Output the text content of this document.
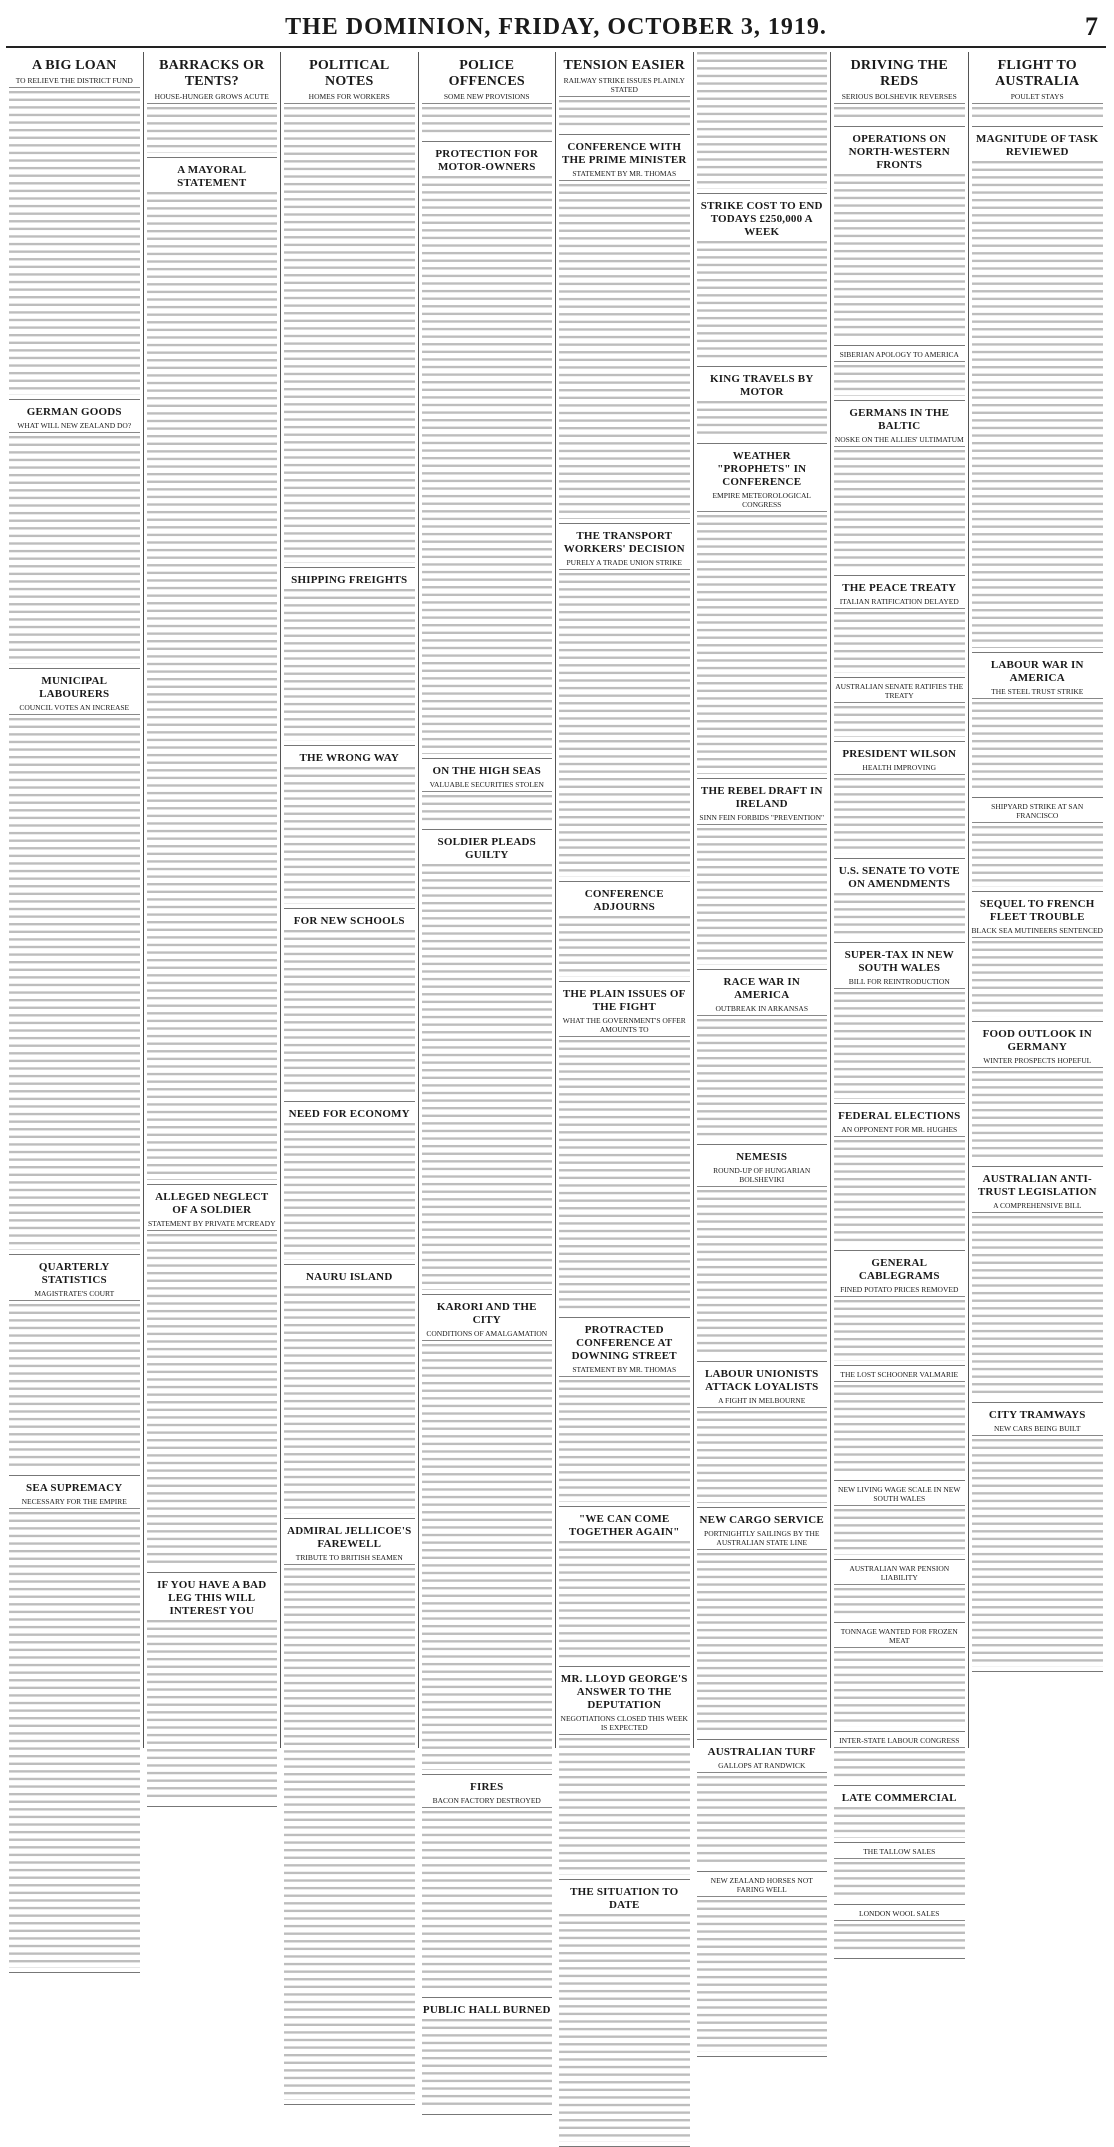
THE DOMINION, FRIDAY, OCTOBER 3, 1919.	7
A BIG LOAN
TO RELIEVE THE DISTRICT FUND
GERMAN GOODS
WHAT WILL NEW ZEALAND DO?
MUNICIPAL LABOURERS
COUNCIL VOTES AN INCREASE
QUARTERLY STATISTICS
MAGISTRATE'S COURT
SEA SUPREMACY
NECESSARY FOR THE EMPIRE
BARRACKS OR TENTS?
HOUSE-HUNGER GROWS ACUTE
A MAYORAL STATEMENT
ALLEGED NEGLECT OF A SOLDIER
STATEMENT BY PRIVATE M'CREADY
IF YOU HAVE A BAD LEG THIS WILL INTEREST YOU
POLITICAL NOTES
HOMES FOR WORKERS
SHIPPING FREIGHTS
THE WRONG WAY
FOR NEW SCHOOLS
NEED FOR ECONOMY
NAURU ISLAND
ADMIRAL JELLICOE'S FAREWELL
TRIBUTE TO BRITISH SEAMEN
POLICE OFFENCES
SOME NEW PROVISIONS
PROTECTION FOR MOTOR-OWNERS
ON THE HIGH SEAS
VALUABLE SECURITIES STOLEN
SOLDIER PLEADS GUILTY
KARORI AND THE CITY
CONDITIONS OF AMALGAMATION
FIRES
BACON FACTORY DESTROYED
PUBLIC HALL BURNED
TENSION EASIER
RAILWAY STRIKE ISSUES PLAINLY STATED
CONFERENCE WITH THE PRIME MINISTER
STATEMENT BY MR. THOMAS
THE TRANSPORT WORKERS' DECISION
PURELY A TRADE UNION STRIKE
CONFERENCE ADJOURNS
THE PLAIN ISSUES OF THE FIGHT
WHAT THE GOVERNMENT'S OFFER AMOUNTS TO
PROTRACTED CONFERENCE AT DOWNING STREET
STATEMENT BY MR. THOMAS
"WE CAN COME TOGETHER AGAIN"
MR. LLOYD GEORGE'S ANSWER TO THE DEPUTATION
NEGOTIATIONS CLOSED THIS WEEK IS EXPECTED
THE SITUATION TO DATE
STRIKE COST TO END TODAYS £250,000 A WEEK
KING TRAVELS BY MOTOR
WEATHER "PROPHETS" IN CONFERENCE
EMPIRE METEOROLOGICAL CONGRESS
THE REBEL DRAFT IN IRELAND
SINN FEIN FORBIDS "PREVENTION"
RACE WAR IN AMERICA
OUTBREAK IN ARKANSAS
NEMESIS
ROUND-UP OF HUNGARIAN BOLSHEVIKI
LABOUR UNIONISTS ATTACK LOYALISTS
A FIGHT IN MELBOURNE
NEW CARGO SERVICE
PORTNIGHTLY SAILINGS BY THE AUSTRALIAN STATE LINE
AUSTRALIAN TURF
GALLOPS AT RANDWICK
NEW ZEALAND HORSES NOT FARING WELL
DRIVING THE REDS
SERIOUS BOLSHEVIK REVERSES
OPERATIONS ON NORTH-WESTERN FRONTS
SIBERIAN APOLOGY TO AMERICA
GERMANS IN THE BALTIC
NOSKE ON THE ALLIES' ULTIMATUM
THE PEACE TREATY
ITALIAN RATIFICATION DELAYED
AUSTRALIAN SENATE RATIFIES THE TREATY
PRESIDENT WILSON
HEALTH IMPROVING
U.S. SENATE TO VOTE ON AMENDMENTS
SUPER-TAX IN NEW SOUTH WALES
BILL FOR REINTRODUCTION
FEDERAL ELECTIONS
AN OPPONENT FOR MR. HUGHES
GENERAL CABLEGRAMS
FINED POTATO PRICES REMOVED
THE LOST SCHOONER VALMARIE
NEW LIVING WAGE SCALE IN NEW SOUTH WALES
AUSTRALIAN WAR PENSION LIABILITY
TONNAGE WANTED FOR FROZEN MEAT
INTER-STATE LABOUR CONGRESS
LATE COMMERCIAL
THE TALLOW SALES
LONDON WOOL SALES
FLIGHT TO AUSTRALIA
POULET STAYS
MAGNITUDE OF TASK REVIEWED
LABOUR WAR IN AMERICA
THE STEEL TRUST STRIKE
SHIPYARD STRIKE AT SAN FRANCISCO
SEQUEL TO FRENCH FLEET TROUBLE
BLACK SEA MUTINEERS SENTENCED
FOOD OUTLOOK IN GERMANY
WINTER PROSPECTS HOPEFUL
AUSTRALIAN ANTI-TRUST LEGISLATION
A COMPREHENSIVE BILL
CITY TRAMWAYS
NEW CARS BEING BUILT
